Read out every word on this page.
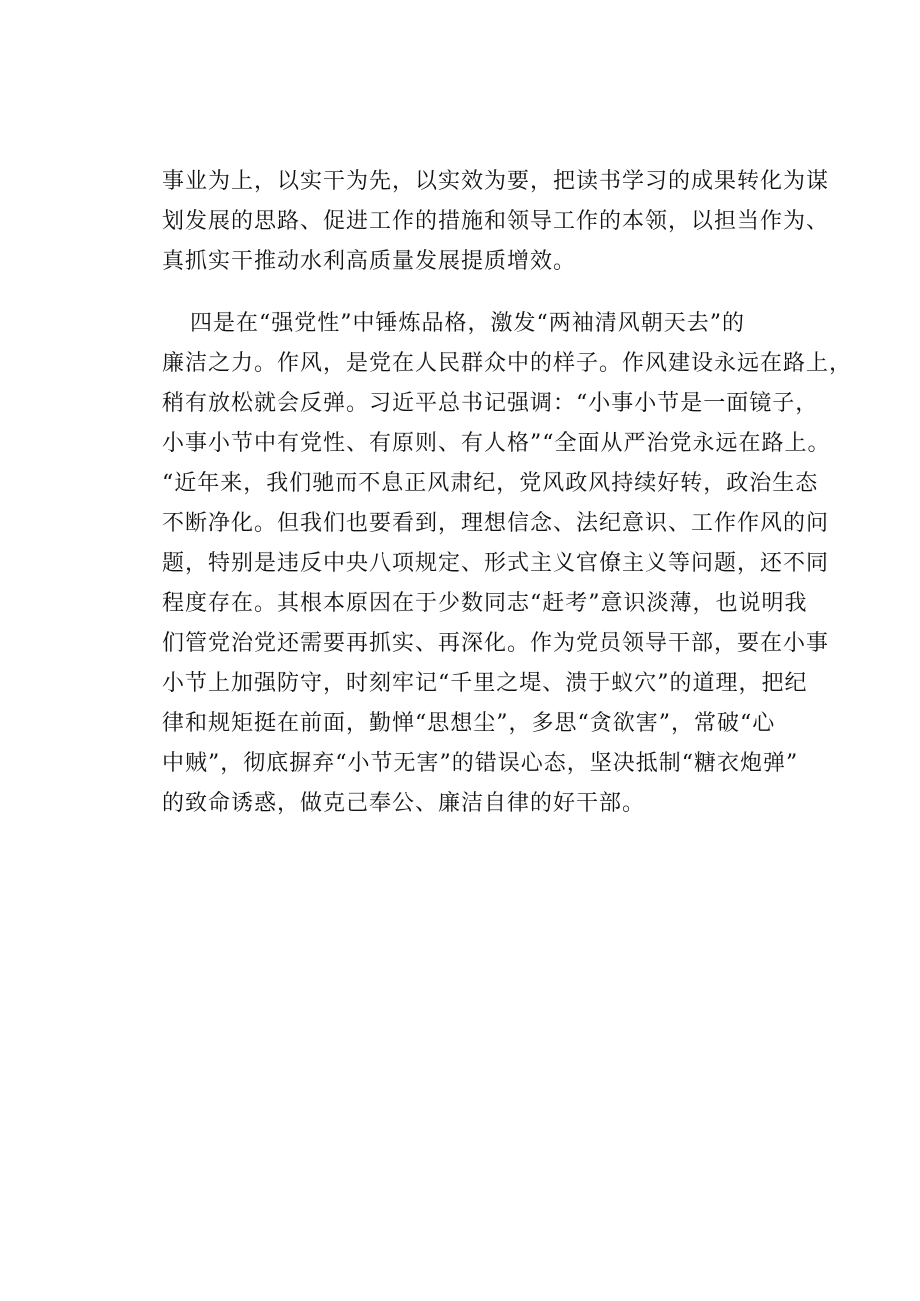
事业为上，以实干为先，以实效为要，把读书学习的成果转化为谋
划发展的思路、促进工作的措施和领导工作的本领，以担当作为、
真抓实干推动水利高质量发展提质增效。
四是在“强党性”中锤炼品格，激发“两袖清风朝天去”的
廉洁之力。作风，是党在人民群众中的样子。作风建设永远在路上，
稍有放松就会反弹。习近平总书记强调：“小事小节是一面镜子，
小事小节中有党性、有原则、有人格”“全面从严治党永远在路上。
“近年来，我们驰而不息正风肃纪，党风政风持续好转，政治生态
不断净化。但我们也要看到，理想信念、法纪意识、工作作风的问
题，特别是违反中央八项规定、形式主义官僚主义等问题，还不同
程度存在。其根本原因在于少数同志“赶考”意识淡薄，也说明我
们管党治党还需要再抓实、再深化。作为党员领导干部，要在小事
小节上加强防守，时刻牢记“千里之堤、溃于蚁穴”的道理，把纪
律和规矩挺在前面，勤惮“思想尘”，多思“贪欲害”，常破“心
中贼”，彻底摒弃“小节无害”的错误心态，坚决抵制“糖衣炮弹”
的致命诱惑，做克己奉公、廉洁自律的好干部。
